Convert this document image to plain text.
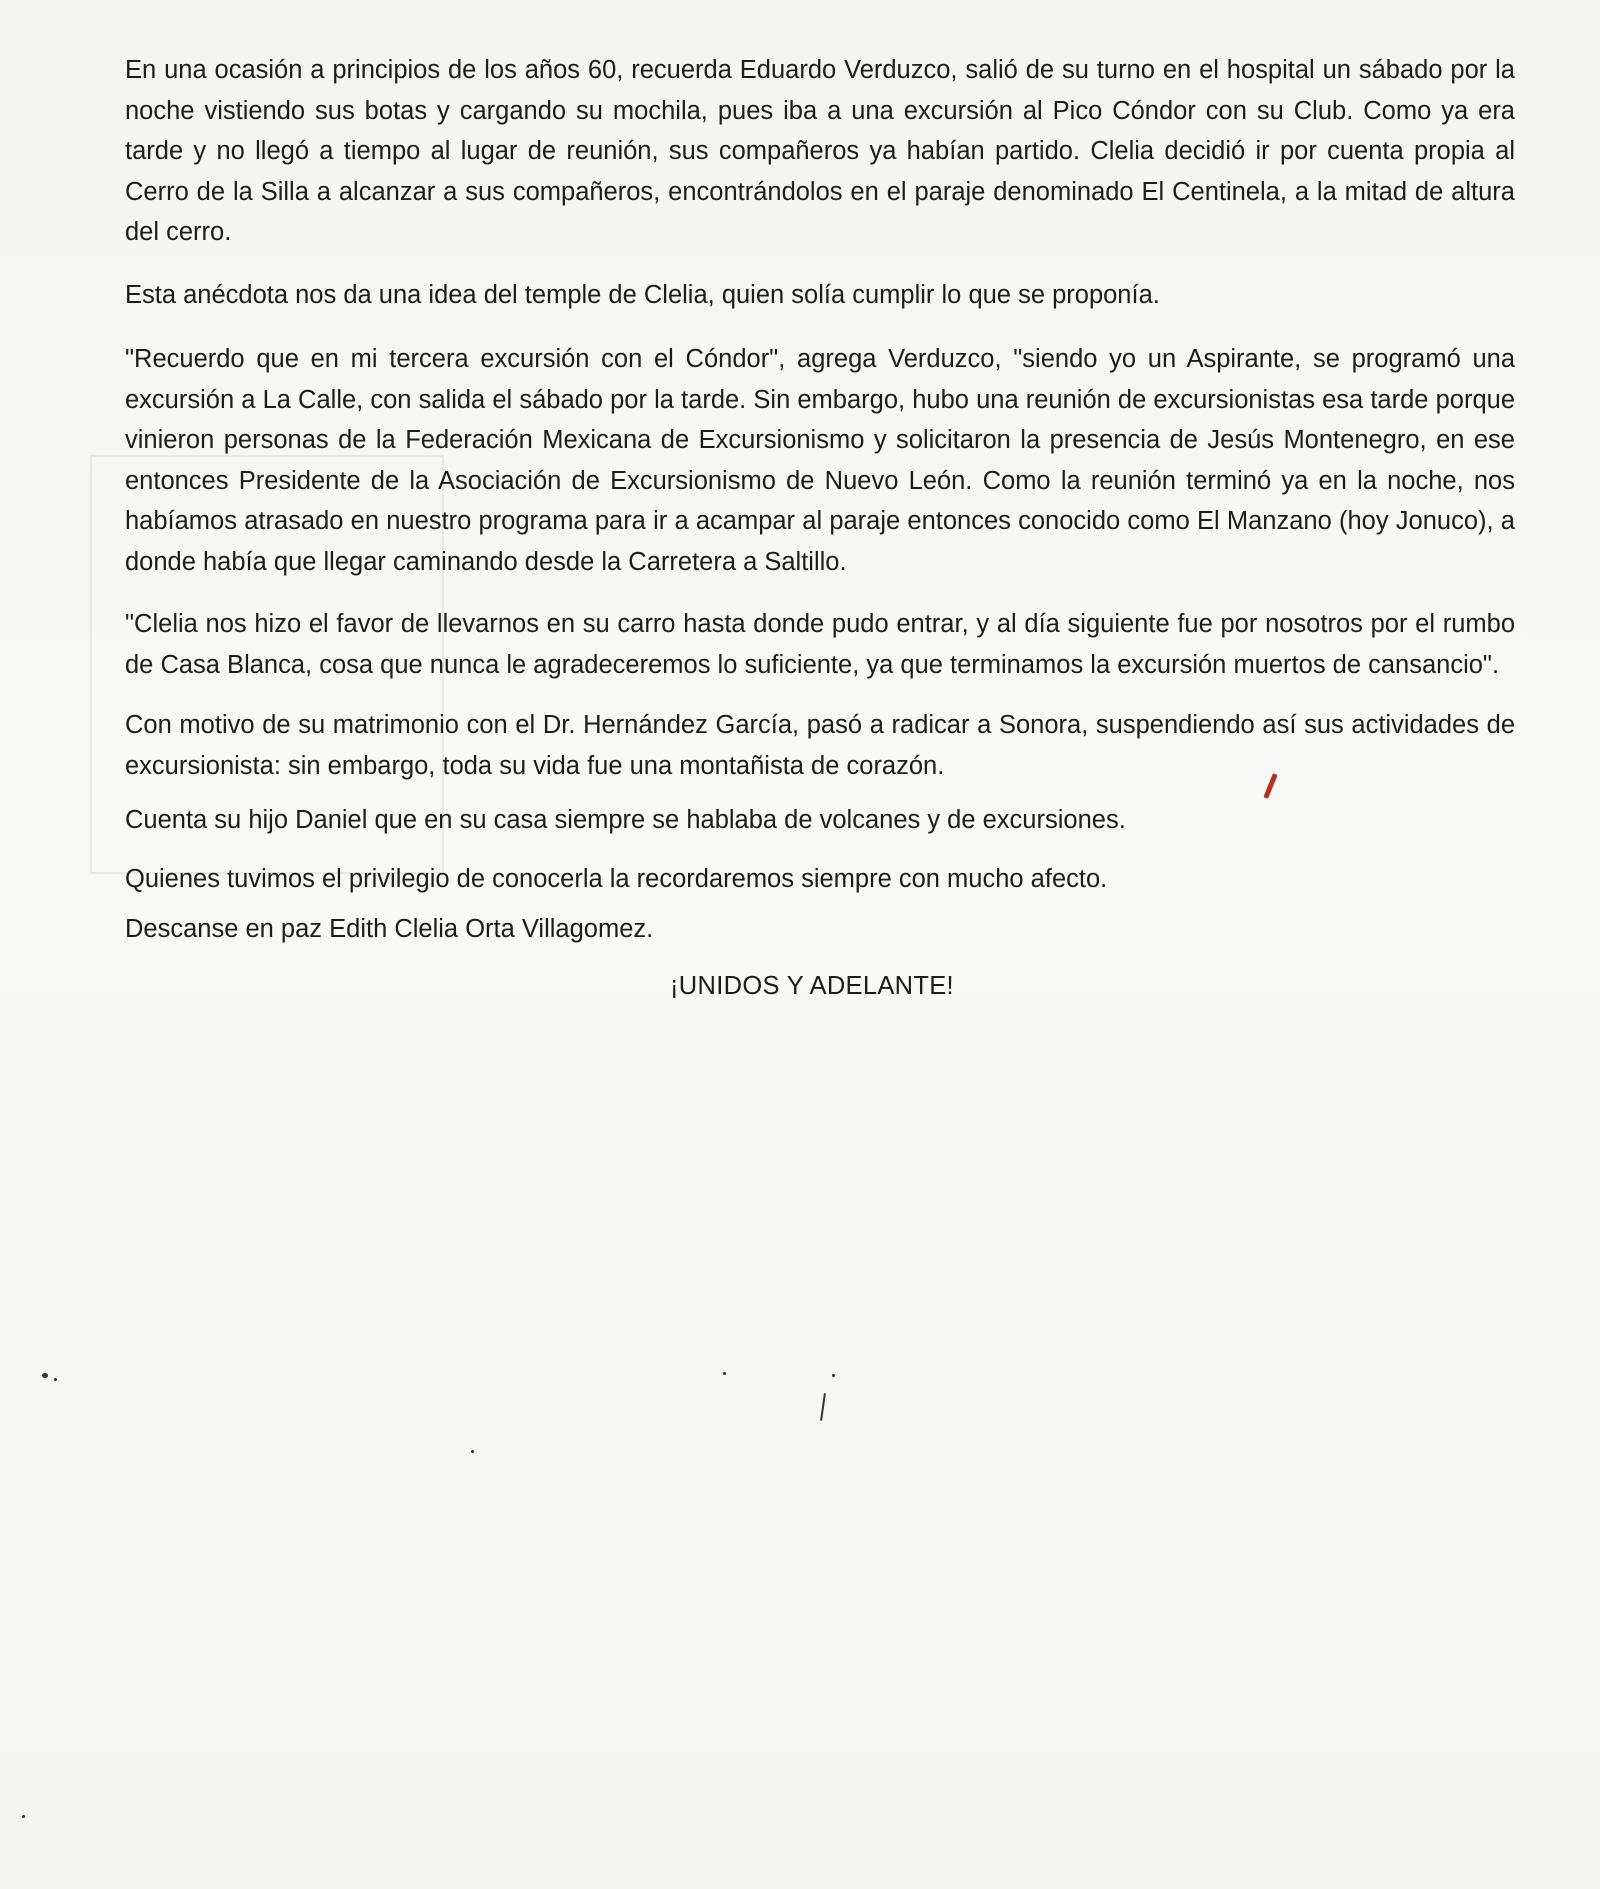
En una ocasión a principios de los años 60, recuerda Eduardo Verduzco, salió de su turno en el hospital un sábado por la noche vistiendo sus botas y cargando su mochila, pues iba a una excursión al Pico Cóndor con su Club. Como ya era tarde y no llegó a tiempo al lugar de reunión, sus compañeros ya habían partido. Clelia decidió ir por cuenta propia al Cerro de la Silla a alcanzar a sus compañeros, encontrándolos en el paraje denominado El Centinela, a la mitad de altura del cerro.

Esta anécdota nos da una idea del temple de Clelia, quien solía cumplir lo que se proponía.

"Recuerdo que en mi tercera excursión con el Cóndor", agrega Verduzco, "siendo yo un Aspirante, se programó una excursión a La Calle, con salida el sábado por la tarde. Sin embargo, hubo una reunión de excursionistas esa tarde porque vinieron personas de la Federación Mexicana de Excursionismo y solicitaron la presencia de Jesús Montenegro, en ese entonces Presidente de la Asociación de Excursionismo de Nuevo León. Como la reunión terminó ya en la noche, nos habíamos atrasado en nuestro programa para ir a acampar al paraje entonces conocido como El Manzano (hoy Jonuco), a donde había que llegar caminando desde la Carretera a Saltillo.

"Clelia nos hizo el favor de llevarnos en su carro hasta donde pudo entrar, y al día siguiente fue por nosotros por el rumbo de Casa Blanca, cosa que nunca le agradeceremos lo suficiente, ya que terminamos la excursión muertos de cansancio".

Con motivo de su matrimonio con el Dr. Hernández García, pasó a radicar a Sonora, suspendiendo así sus actividades de excursionista: sin embargo, toda su vida fue una montañista de corazón.

Cuenta su hijo Daniel que en su casa siempre se hablaba de volcanes y de excursiones.

Quienes tuvimos el privilegio de conocerla la recordaremos siempre con mucho afecto.

Descanse en paz Edith Clelia Orta Villagomez.

¡UNIDOS Y ADELANTE!
